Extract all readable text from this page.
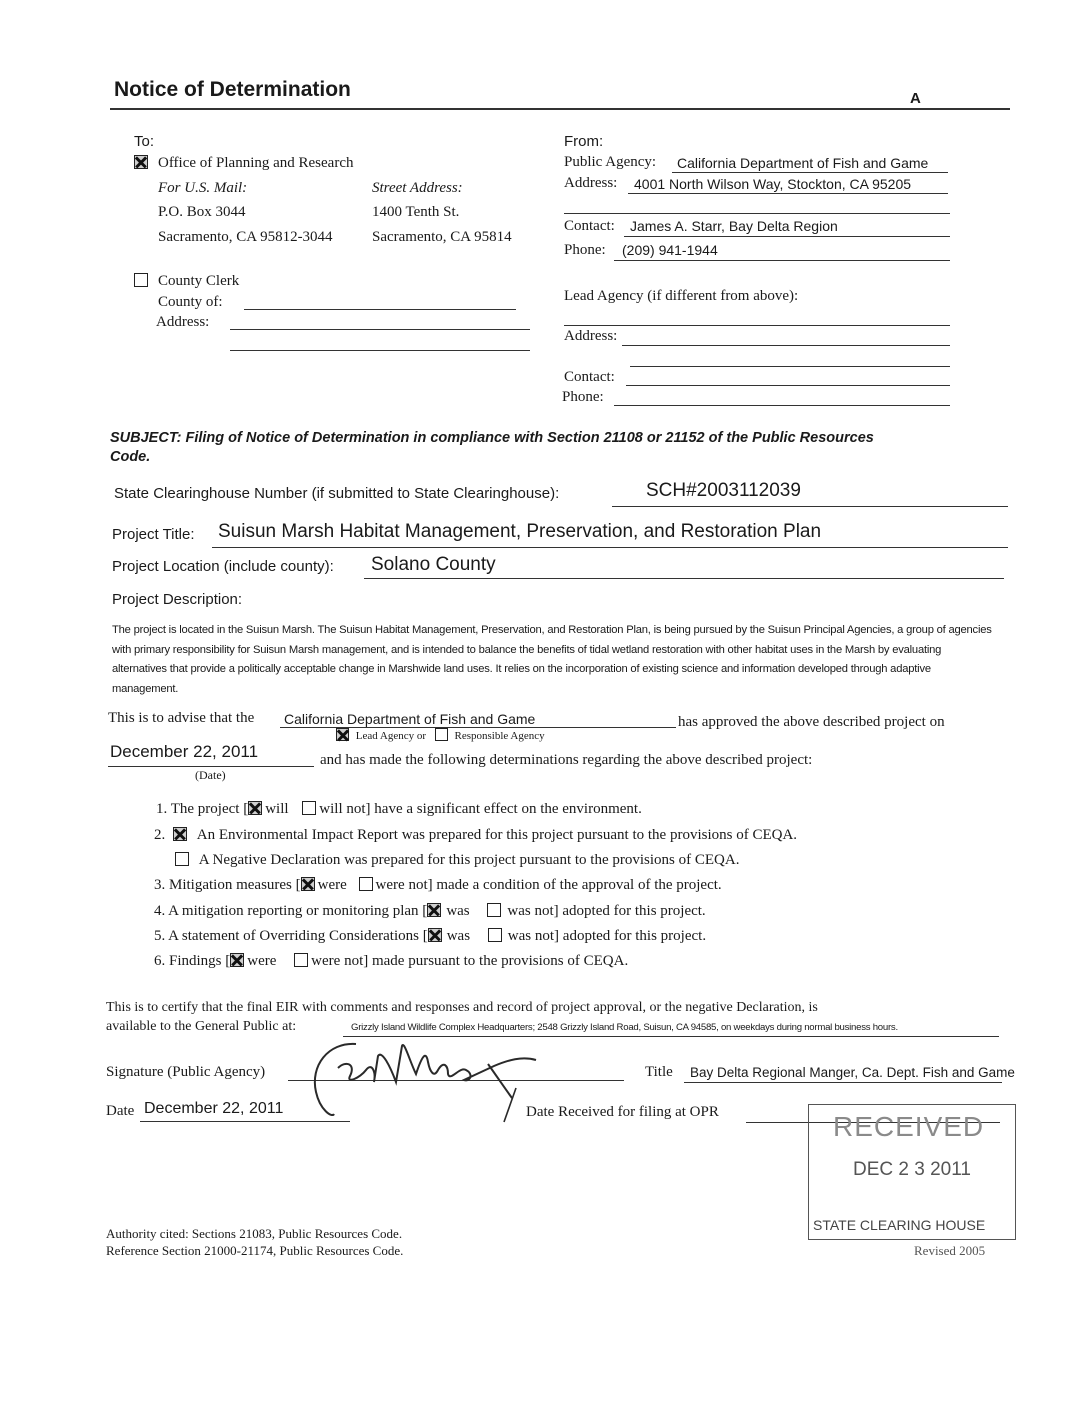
Notice of Determination	A
To:
Office of Planning and Research
For U.S. Mail:	Street Address:
P.O. Box 3044	1400 Tenth St.
Sacramento, CA 95812-3044	Sacramento, CA 95814
County Clerk
County of:
Address:
From:
Public Agency: California Department of Fish and Game
Address: 4001 North Wilson Way, Stockton, CA 95205
Contact: James A. Starr, Bay Delta Region
Phone: (209) 941-1944
Lead Agency (if different from above):
Address:
Contact:
Phone:
SUBJECT: Filing of Notice of Determination in compliance with Section 21108 or 21152 of the Public Resources
Code.
State Clearinghouse Number (if submitted to State Clearinghouse):	SCH#2003112039
Project Title: Suisun Marsh Habitat Management, Preservation, and Restoration Plan
Project Location (include county): Solano County
Project Description:
The project is located in the Suisun Marsh. The Suisun Habitat Management, Preservation, and Restoration Plan, is being pursued by the Suisun Principal Agencies, a group of agencies with primary responsibility for Suisun Marsh management, and is intended to balance the benefits of tidal wetland restoration with other habitat uses in the Marsh by evaluating alternatives that provide a politically acceptable change in Marshwide land uses. It relies on the incorporation of existing science and information developed through adaptive management.
This is to advise that the California Department of Fish and Game	has approved the above described project on
Lead Agency or	Responsible Agency
December 22, 2011
(Date)
and has made the following determinations regarding the above described project:
1. The project [ will will not] have a significant effect on the environment.
2. An Environmental Impact Report was prepared for this project pursuant to the provisions of CEQA.
A Negative Declaration was prepared for this project pursuant to the provisions of CEQA.
3. Mitigation measures [ were were not] made a condition of the approval of the project.
4. A mitigation reporting or monitoring plan [ was	was not] adopted for this project.
5. A statement of Overriding Considerations [ was	was not] adopted for this project.
6. Findings [ were were not] made pursuant to the provisions of CEQA.
This is to certify that the final EIR with comments and responses and record of project approval, or the negative Declaration, is
available to the General Public at:	Grizzly Island Wildlife Complex Headquarters; 2548 Grizzly Island Road, Suisun, CA 94585, on weekdays during normal business hours.
Signature (Public Agency)	Title Bay Delta Regional Manger, Ca. Dept. Fish and Game
Date December 22, 2011	Date Received for filing at OPR	RECEIVED
DEC 2 3 2011
STATE CLEARING HOUSE
Authority cited: Sections 21083, Public Resources Code.
Reference Section 21000-21174, Public Resources Code.	Revised 2005
